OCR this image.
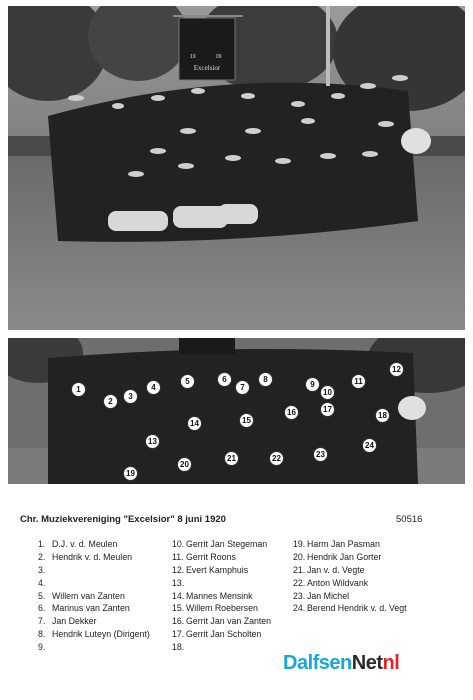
19	09
Excelsior
1
2
3
4
5	6
7
8
9
10
11
12
13
14	15
16	17
18
19
20
21	22	23
24
Chr. Muziekvereniging "Excelsior" 8 juni 1920	50516
1. D.J. v. d. Meulen
2. Hendrik v. d. Meulen
3.
4.
5. Willem van Zanten
6. Marinus van Zanten
7. Jan Dekker
8. Hendrik Luteyn (Dirigent)
9.
10. Gerrit Jan Stegeman
11. Gerrit Roons
12. Evert Kamphuis
13.
14. Mannes Mensink
15. Willem Roebersen
16. Gerrit Jan van Zanten
17. Gerrit Jan Scholten
18.
19. Harm Jan Pasman
20. Hendrik Jan Gorter
21. Jan v. d. Vegte
22. Anton Wildvank
23. Jan Michel
24. Berend Hendrik v. d. Vegt
DalfsenNetnl
